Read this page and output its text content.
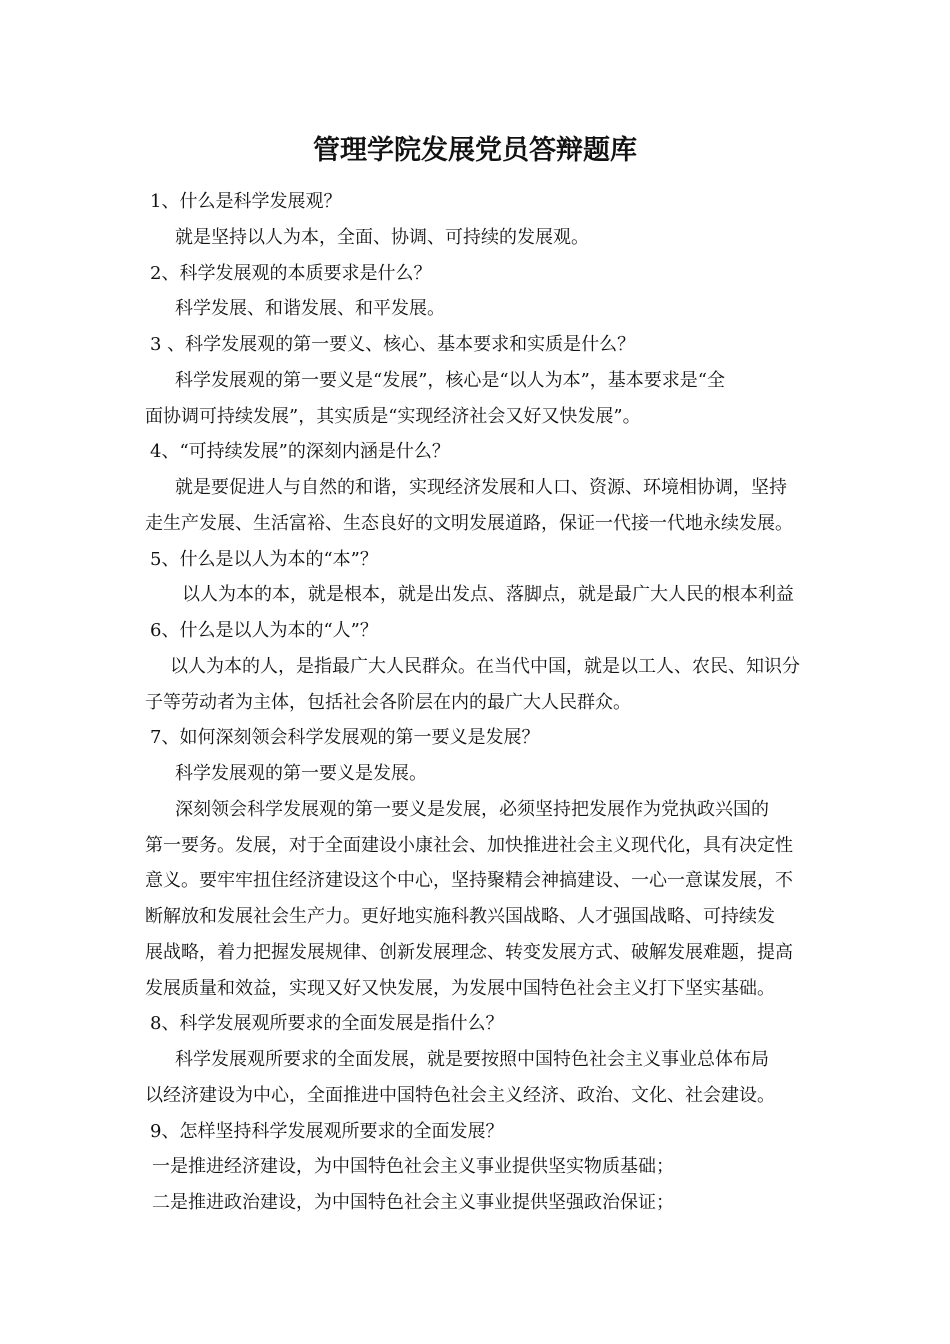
管理学院发展党员答辩题库
1、什么是科学发展观？
就是坚持以人为本，全面、协调、可持续的发展观。
2、科学发展观的本质要求是什么？
科学发展、和谐发展、和平发展。
3 、科学发展观的第一要义、核心、基本要求和实质是什么？
科学发展观的第一要义是“发展”，核心是“以人为本”，基本要求是“全
面协调可持续发展”，其实质是“实现经济社会又好又快发展”。
4、“可持续发展”的深刻内涵是什么？
就是要促进人与自然的和谐，实现经济发展和人口、资源、环境相协调，坚持
走生产发展、生活富裕、生态良好的文明发展道路，保证一代接一代地永续发展。
5、什么是以人为本的“本”？
以人为本的本，就是根本，就是出发点、落脚点，就是最广大人民的根本利益
6、什么是以人为本的“人”？
以人为本的人，是指最广大人民群众。在当代中国，就是以工人、农民、知识分
子等劳动者为主体，包括社会各阶层在内的最广大人民群众。
7、如何深刻领会科学发展观的第一要义是发展？
科学发展观的第一要义是发展。
深刻领会科学发展观的第一要义是发展，必须坚持把发展作为党执政兴国的
第一要务。发展，对于全面建设小康社会、加快推进社会主义现代化，具有决定性
意义。要牢牢扭住经济建设这个中心，坚持聚精会神搞建设、一心一意谋发展，不
断解放和发展社会生产力。更好地实施科教兴国战略、人才强国战略、可持续发
展战略，着力把握发展规律、创新发展理念、转变发展方式、破解发展难题，提高
发展质量和效益，实现又好又快发展，为发展中国特色社会主义打下坚实基础。
8、科学发展观所要求的全面发展是指什么？
科学发展观所要求的全面发展，就是要按照中国特色社会主义事业总体布局
以经济建设为中心，全面推进中国特色社会主义经济、政治、文化、社会建设。
9、怎样坚持科学发展观所要求的全面发展？
一是推进经济建设，为中国特色社会主义事业提供坚实物质基础；
二是推进政治建设，为中国特色社会主义事业提供坚强政治保证；
